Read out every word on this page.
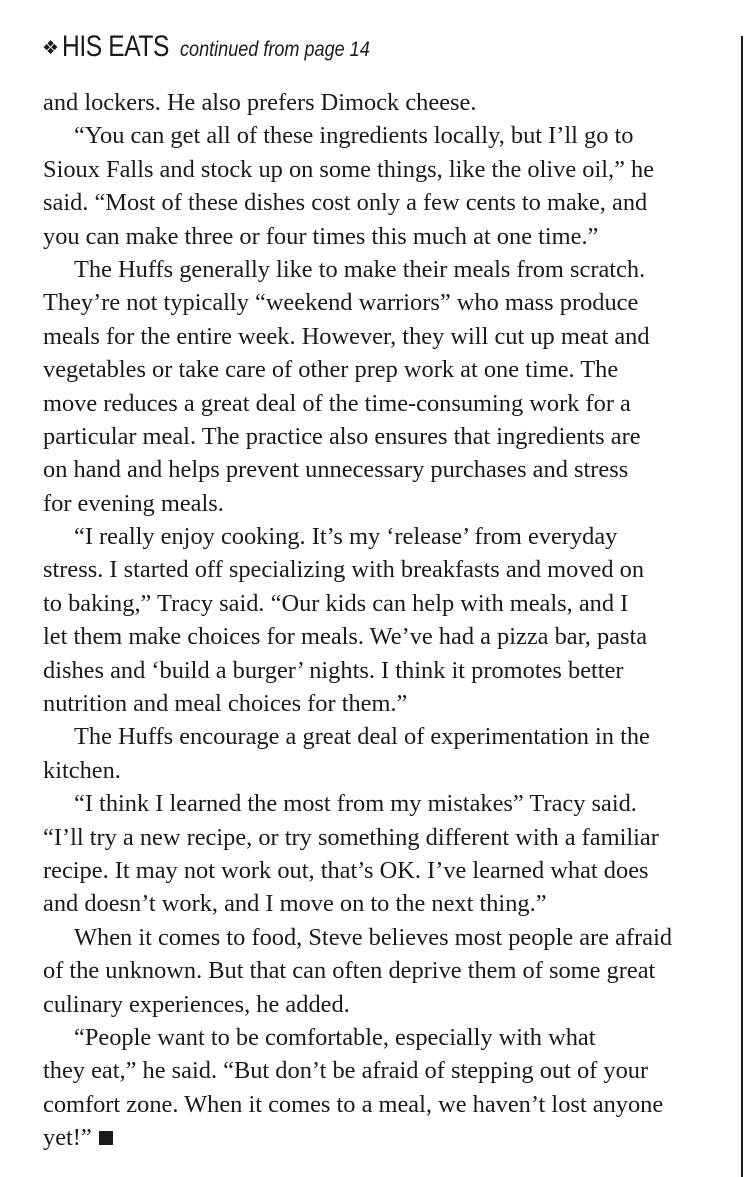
❖ HIS EATS continued from page 14
and lockers. He also prefers Dimock cheese.
“You can get all of these ingredients locally, but I’ll go to
Sioux Falls and stock up on some things, like the olive oil,” he
said. “Most of these dishes cost only a few cents to make, and
you can make three or four times this much at one time.”
The Huffs generally like to make their meals from scratch.
They’re not typically “weekend warriors” who mass produce
meals for the entire week. However, they will cut up meat and
vegetables or take care of other prep work at one time. The
move reduces a great deal of the time-consuming work for a
particular meal. The practice also ensures that ingredients are
on hand and helps prevent unnecessary purchases and stress
for evening meals.
“I really enjoy cooking. It’s my ‘release’ from everyday
stress. I started off specializing with breakfasts and moved on
to baking,” Tracy said. “Our kids can help with meals, and I
let them make choices for meals. We’ve had a pizza bar, pasta
dishes and ‘build a burger’ nights. I think it promotes better
nutrition and meal choices for them.”
The Huffs encourage a great deal of experimentation in the
kitchen.
“I think I learned the most from my mistakes” Tracy said.
“I’ll try a new recipe, or try something different with a familiar
recipe. It may not work out, that’s OK. I’ve learned what does
and doesn’t work, and I move on to the next thing.”
When it comes to food, Steve believes most people are afraid
of the unknown. But that can often deprive them of some great
culinary experiences, he added.
“People want to be comfortable, especially with what
they eat,” he said. “But don’t be afraid of stepping out of your
comfort zone. When it comes to a meal, we haven’t lost anyone
yet!”
